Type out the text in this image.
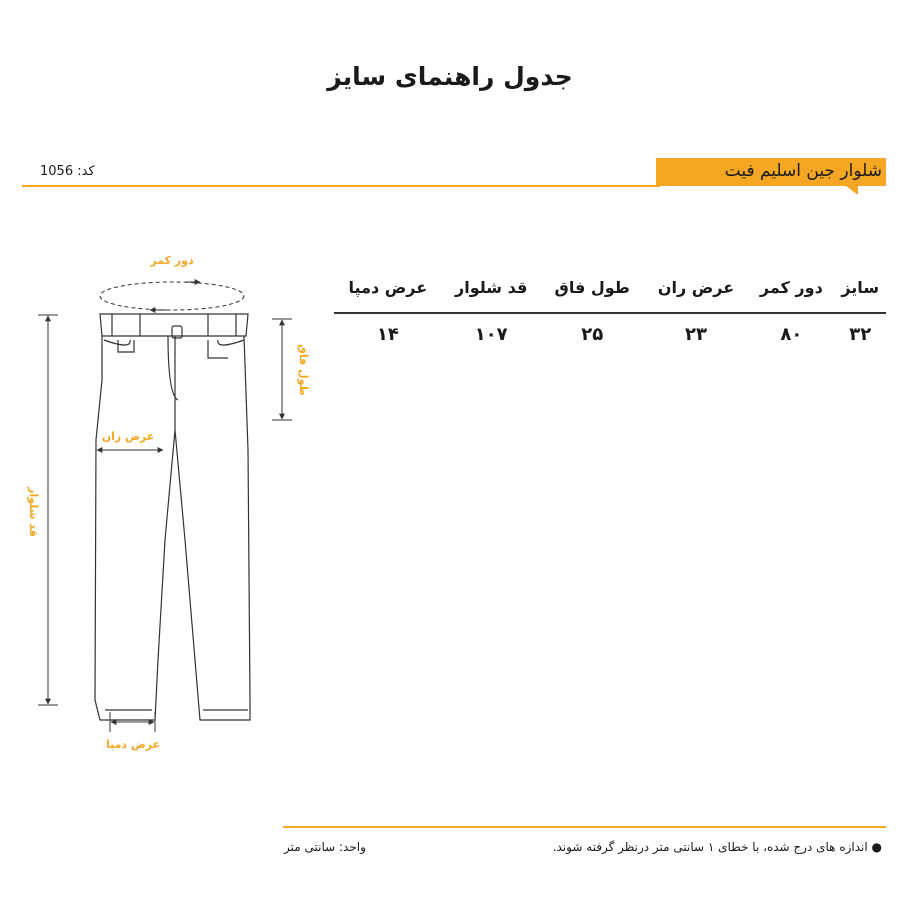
جدول راهنمای سایز
شلوار جین اسلیم فیت
کد: 1056
سایز	دور کمر	عرض ران	طول فاق	قد شلوار	عرض دمپا
۳۲	۸۰	۲۳	۲۵	۱۰۷	۱۴
دور کمر
طول فاق
عرض ران
قد شلوار
عرض دمپا
● اندازه های درج شده، با خطای ۱ سانتی متر درنظر گرفته شوند.
واحد: سانتی متر
